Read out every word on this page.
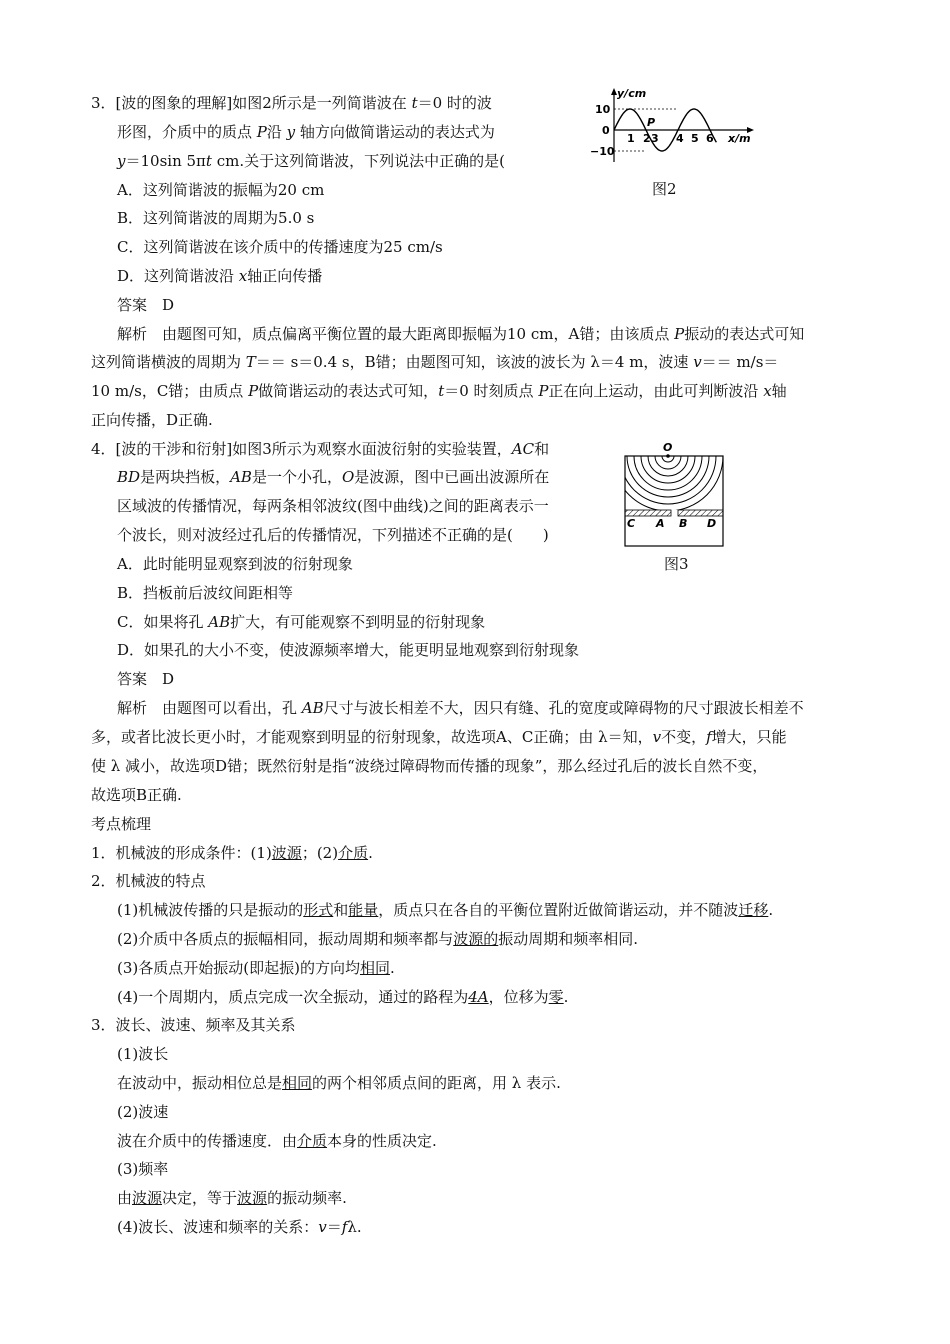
3．[波的图象的理解]如图2所示是一列简谐波在 t＝0 时的波
形图，介质中的质点 P沿 y 轴方向做简谐运动的表达式为
y＝10sin 5πt cm.关于这列简谐波，下列说法中正确的是(
A．这列简谐波的振幅为20 cm
B．这列简谐波的周期为5.0 s
C．这列简谐波在该介质中的传播速度为25 cm/s
D．这列简谐波沿 x轴正向传播
答案　D
解析　由题图可知，质点偏离平衡位置的最大距离即振幅为10 cm，A错；由该质点 P振动的表达式可知
这列简谐横波的周期为 T＝＝ s＝0.4 s，B错；由题图可知，该波的波长为 λ＝4 m，波速 v＝＝ m/s＝
10 m/s，C错；由质点 P做简谐运动的表达式可知，t＝0 时刻质点 P正在向上运动，由此可判断波沿 x轴
正向传播，D正确.
y/cm
10
0
−10
1 2 3 4 5 6
P
x/m
图2
4．[波的干涉和衍射]如图3所示为观察水面波衍射的实验装置，AC和
BD是两块挡板，AB是一个小孔，O是波源，图中已画出波源所在
区域波的传播情况，每两条相邻波纹(图中曲线)之间的距离表示一
个波长，则对波经过孔后的传播情况，下列描述不正确的是(　　)
A．此时能明显观察到波的衍射现象
B．挡板前后波纹间距相等
C．如果将孔 AB扩大，有可能观察不到明显的衍射现象
D．如果孔的大小不变，使波源频率增大，能更明显地观察到衍射现象
答案　D
解析　由题图可以看出，孔 AB尺寸与波长相差不大，因只有缝、孔的宽度或障碍物的尺寸跟波长相差不
多，或者比波长更小时，才能观察到明显的衍射现象，故选项A、C正确；由 λ＝知，v不变，f增大，只能
使 λ 减小，故选项D错；既然衍射是指“波绕过障碍物而传播的现象”，那么经过孔后的波长自然不变，
故选项B正确.
O
C A B D
图3
考点梳理
1．机械波的形成条件：(1)波源；(2)介质.
2．机械波的特点
(1)机械波传播的只是振动的形式和能量，质点只在各自的平衡位置附近做简谐运动，并不随波迁移.
(2)介质中各质点的振幅相同，振动周期和频率都与波源的振动周期和频率相同.
(3)各质点开始振动(即起振)的方向均相同.
(4)一个周期内，质点完成一次全振动，通过的路程为4A，位移为零.
3．波长、波速、频率及其关系
(1)波长
在波动中，振动相位总是相同的两个相邻质点间的距离，用 λ 表示.
(2)波速
波在介质中的传播速度．由介质本身的性质决定.
(3)频率
由波源决定，等于波源的振动频率.
(4)波长、波速和频率的关系：v＝fλ.
